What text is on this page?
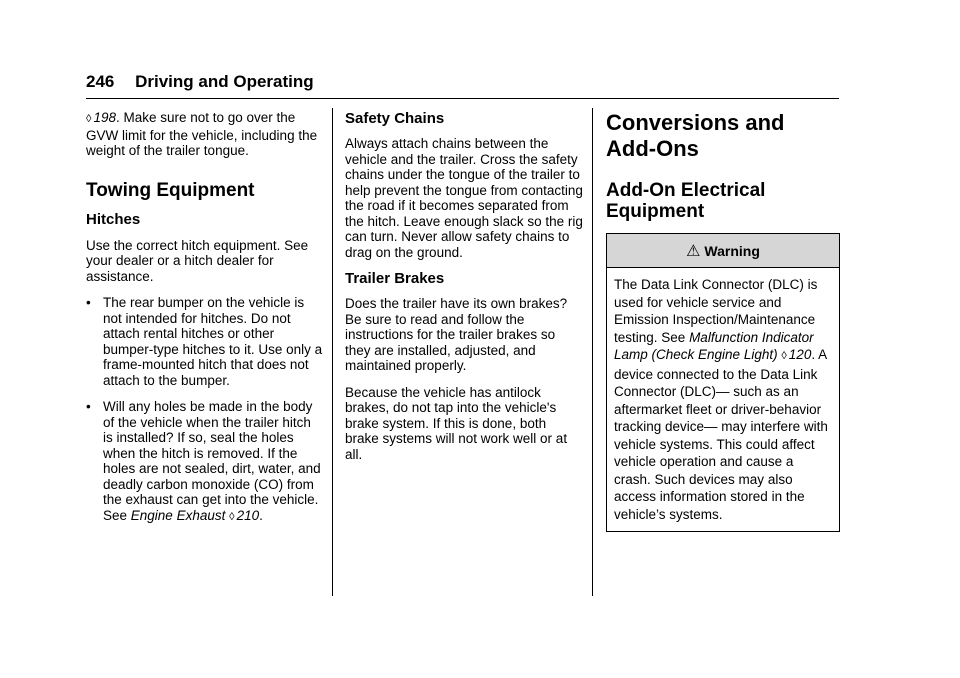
246 Driving and Operating

◊ 198. Make sure not to go over the GVW limit for the vehicle, including the weight of the trailer tongue.

Towing Equipment
Hitches

Use the correct hitch equipment. See your dealer or a hitch dealer for assistance.

• The rear bumper on the vehicle is not intended for hitches. Do not attach rental hitches or other bumper-type hitches to it. Use only a frame-mounted hitch that does not attach to the bumper.
• Will any holes be made in the body of the vehicle when the trailer hitch is installed? If so, seal the holes when the hitch is removed. If the holes are not sealed, dirt, water, and deadly carbon monoxide (CO) from the exhaust can get into the vehicle. See Engine Exhaust ◊ 210.
Safety Chains

Always attach chains between the vehicle and the trailer. Cross the safety chains under the tongue of the trailer to help prevent the tongue from contacting the road if it becomes separated from the hitch. Leave enough slack so the rig can turn. Never allow safety chains to drag on the ground.

Trailer Brakes

Does the trailer have its own brakes? Be sure to read and follow the instructions for the trailer brakes so they are installed, adjusted, and maintained properly.

Because the vehicle has antilock brakes, do not tap into the vehicle's brake system. If this is done, both brake systems will not work well or at all.

Conversions and
Add-Ons
Add-On Electrical
Equipment
⚠ Warning
The Data Link Connector (DLC) is used for vehicle service and Emission Inspection/Maintenance testing. See Malfunction Indicator Lamp (Check Engine Light) ◊ 120. A device connected to the Data Link Connector (DLC)— such as an aftermarket fleet or driver-behavior tracking device— may interfere with vehicle systems. This could affect vehicle operation and cause a crash. Such devices may also access information stored in the vehicle’s systems.
